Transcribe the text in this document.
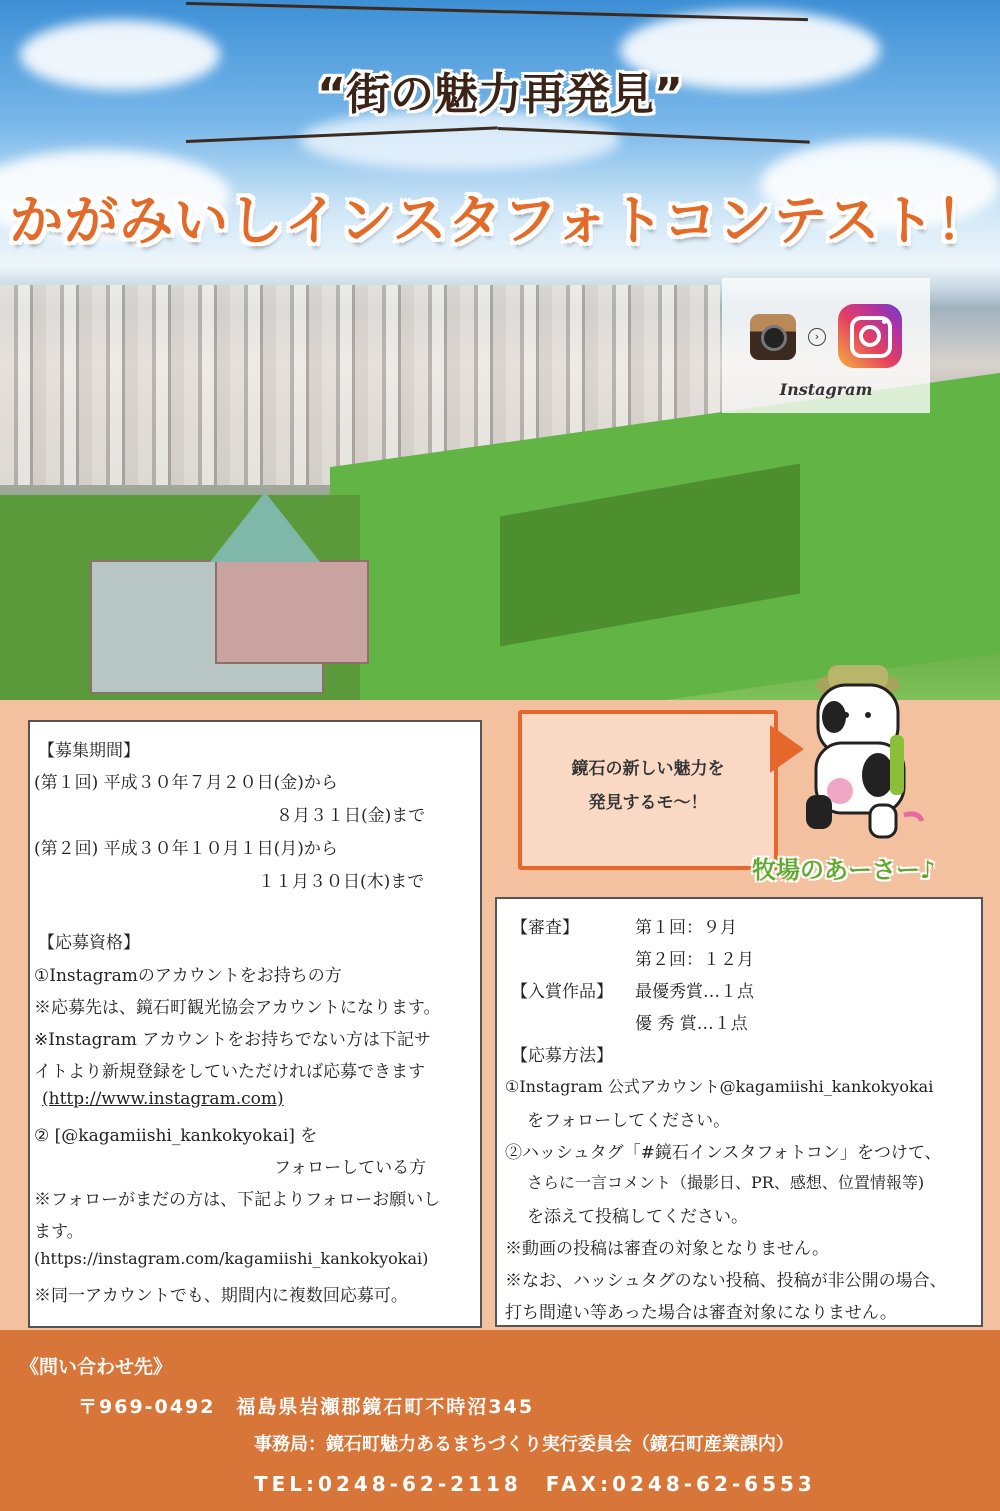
“街の魅力再発見”
かがみいしインスタフォトコンテスト！
›
Instagram
【募集期間】
(第１回) 平成３０年７月２０日(金)から
８月３１日(金)まで
(第２回) 平成３０年１０月１日(月)から
１１月３０日(木)まで
【応募資格】
①Instagramのアカウントをお持ちの方
※応募先は、鏡石町観光協会アカウントになります。
※Instagram アカウントをお持ちでない方は下記サ
イトより新規登録をしていただければ応募できます
(http://www.instagram.com)
② [@kagamiishi_kankokyokai] を
フォローしている方
※フォローがまだの方は、下記よりフォローお願いし
ます。
(https://instagram.com/kagamiishi_kankokyokai)
※同一アカウントでも、期間内に複数回応募可。
鏡石の新しい魅力を
発見するモ～！
牧場のあーさー♪
【審査】	第１回：９月
第２回：１２月
【入賞作品】 最優秀賞…１点
優 秀 賞…１点
【応募方法】
①Instagram 公式アカウント@kagamiishi_kankokyokai
をフォローしてください。
②ハッシュタグ「#鏡石インスタフォトコン」をつけて、
さらに一言コメント（撮影日、PR、感想、位置情報等)
を添えて投稿してください。
※動画の投稿は審査の対象となりません。
※なお、ハッシュタグのない投稿、投稿が非公開の場合、
打ち間違い等あった場合は審査対象になりません。
《問い合わせ先》
〒969-0492　福島県岩瀬郡鏡石町不時沼345
事務局：鏡石町魅力あるまちづくり実行委員会（鏡石町産業課内）
TEL:0248-62-2118　FAX:0248-62-6553
